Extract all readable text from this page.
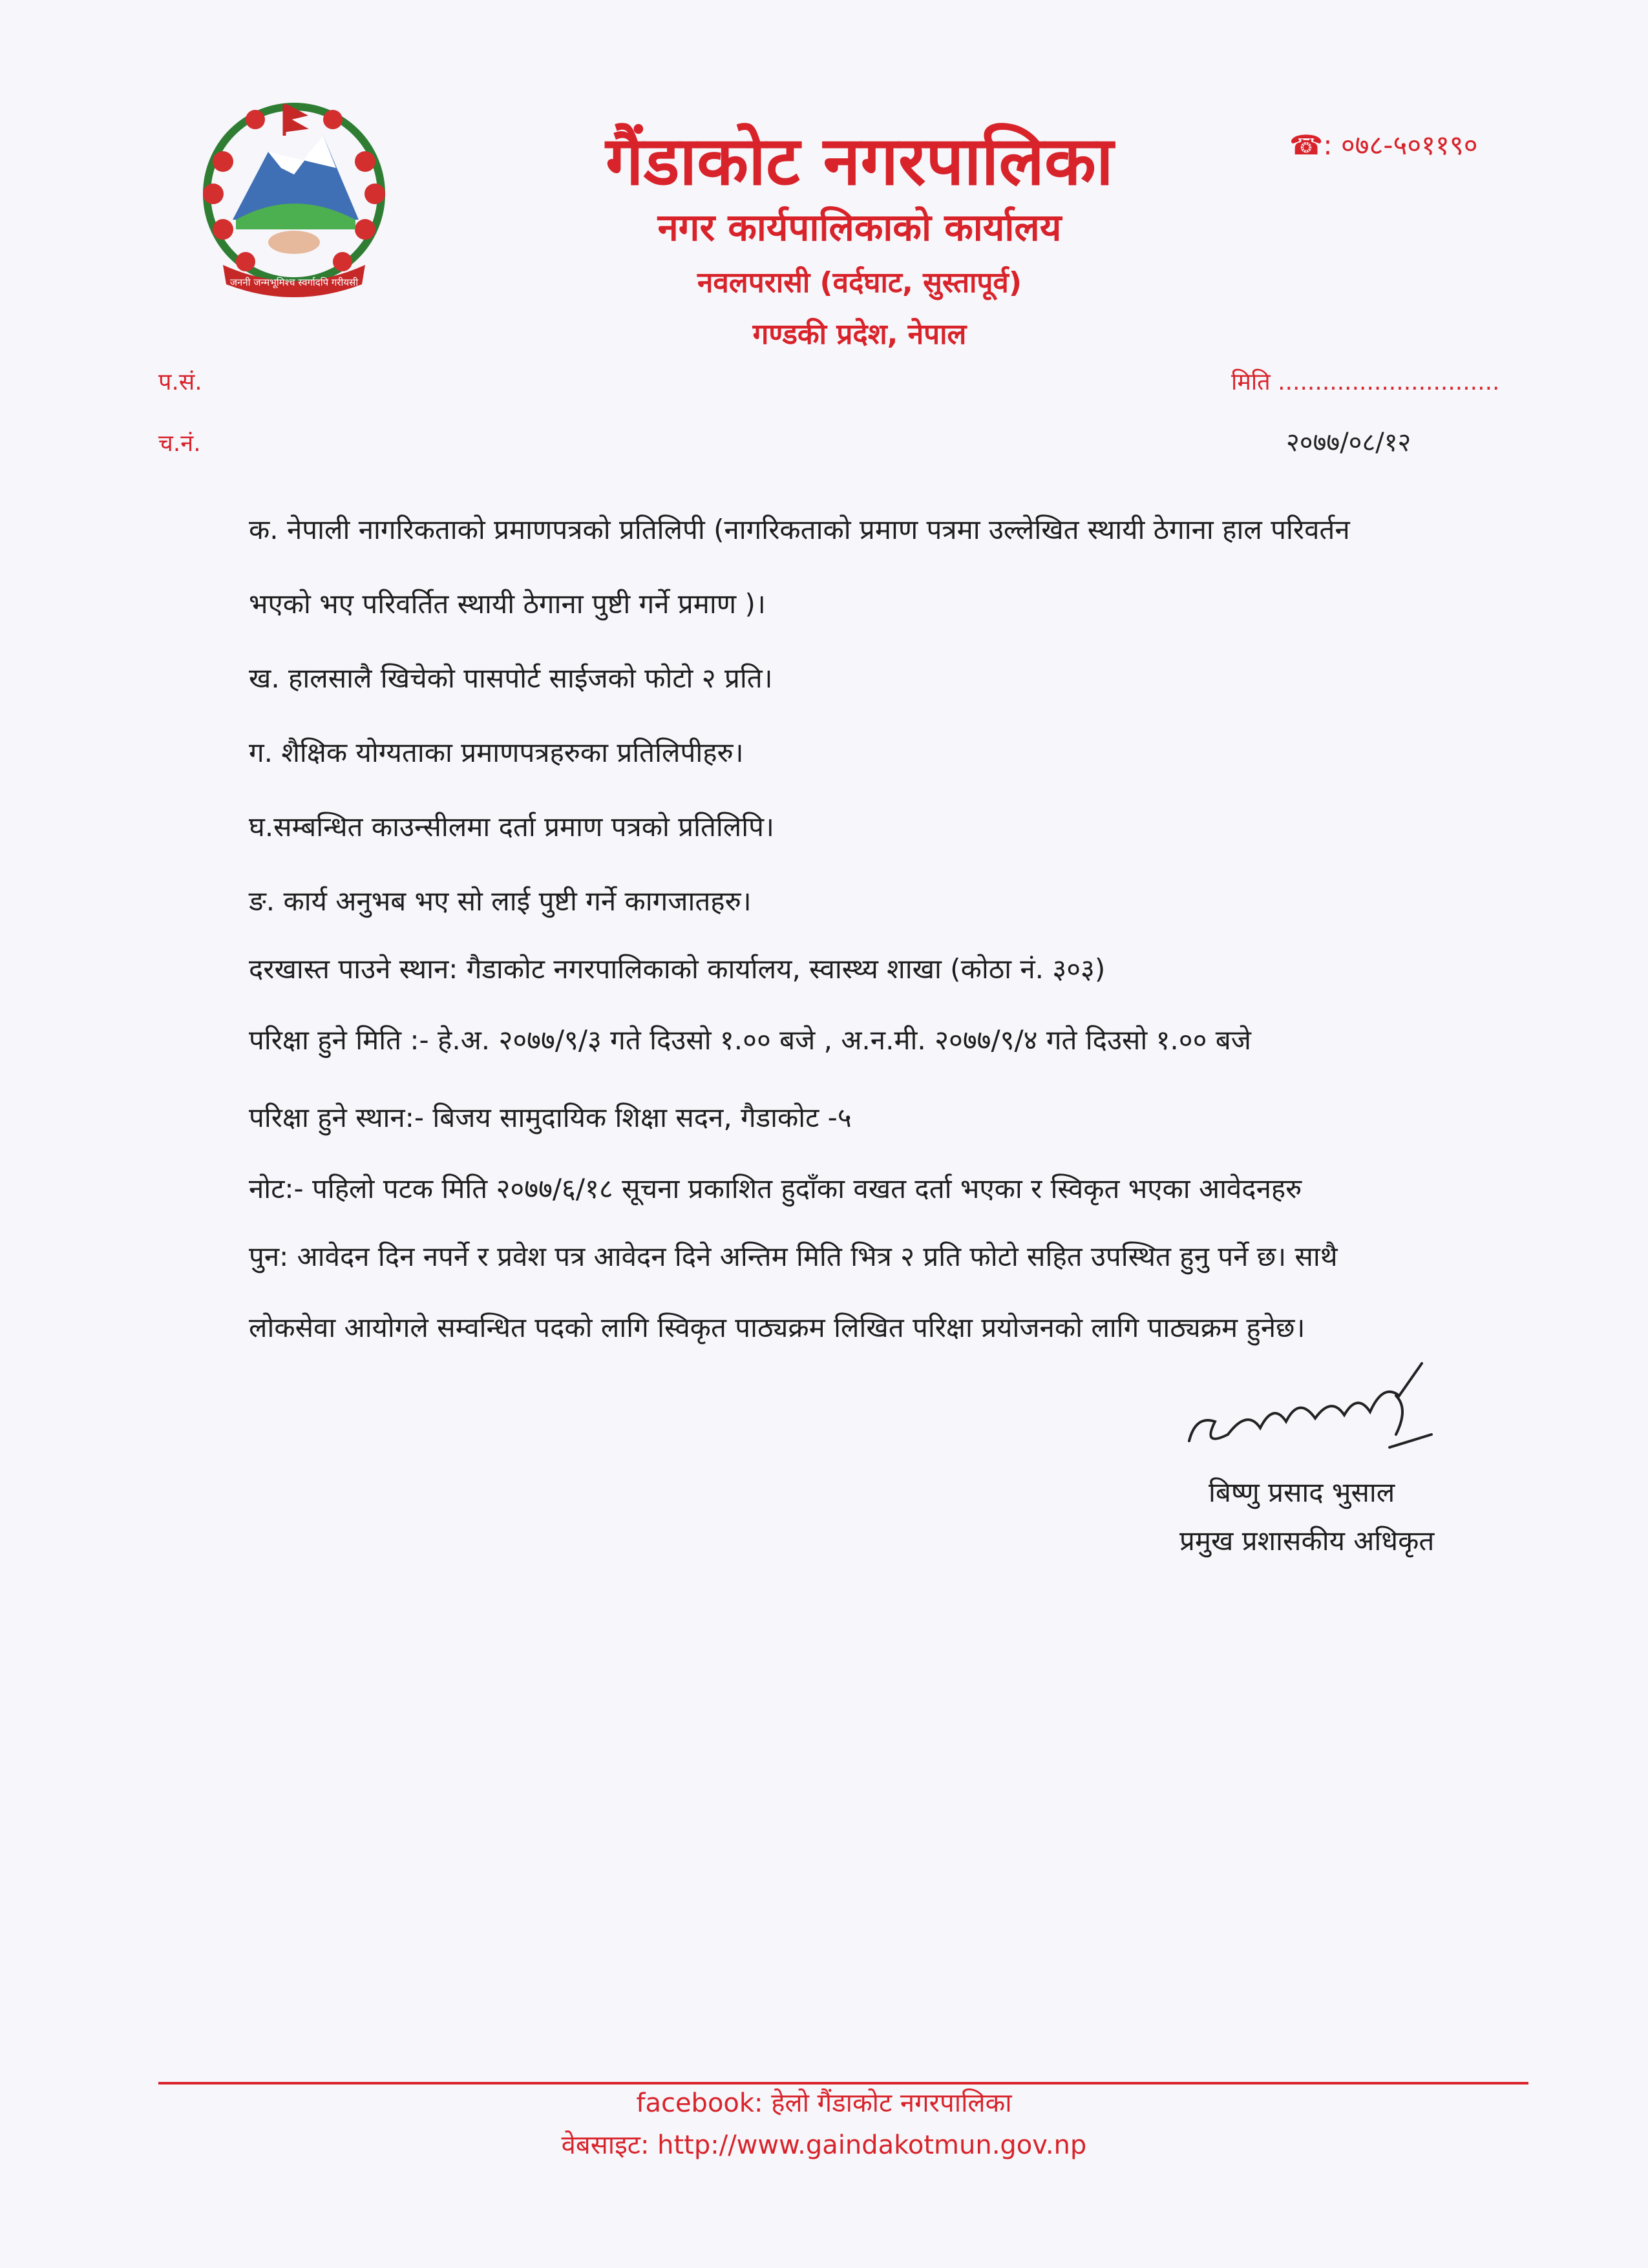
जननी जन्मभूमिश्च स्वर्गादपि गरीयसी
गैंडाकोट नगरपालिका
नगर कार्यपालिकाको कार्यालय
नवलपरासी (वर्दघाट, सुस्तापूर्व)
गण्डकी प्रदेश, नेपाल
☎: ०७८-५०११९०
प.सं.
च.नं.
मिति ..............................
२०७७/०८/१२
क. नेपाली नागरिकताको प्रमाणपत्रको प्रतिलिपी (नागरिकताको प्रमाण पत्रमा उल्लेखित स्थायी ठेगाना हाल परिवर्तन
भएको भए परिवर्तित स्थायी ठेगाना पुष्टी गर्ने प्रमाण )।
ख. हालसालै खिचेको पासपोर्ट साईजको फोटो २ प्रति।
ग. शैक्षिक योग्यताका प्रमाणपत्रहरुका प्रतिलिपीहरु।
घ.सम्बन्धित काउन्सीलमा दर्ता प्रमाण पत्रको प्रतिलिपि।
ङ. कार्य अनुभब भए सो लाई पुष्टी गर्ने कागजातहरु।
दरखास्त पाउने स्थान: गैडाकोट नगरपालिकाको कार्यालय, स्वास्थ्य शाखा (कोठा नं. ३०३)
परिक्षा हुने मिति :- हे.अ. २०७७/९/३ गते दिउसो १.०० बजे , अ.न.मी. २०७७/९/४ गते दिउसो १.०० बजे
परिक्षा हुने स्थान:- बिजय सामुदायिक शिक्षा सदन, गैडाकोट -५
नोट:- पहिलो पटक मिति २०७७/६/१८ सूचना प्रकाशित हुदाँका वखत दर्ता भएका र स्विकृत भएका आवेदनहरु
पुन: आवेदन दिन नपर्ने र प्रवेश पत्र आवेदन दिने अन्तिम मिति भित्र २ प्रति फोटो सहित उपस्थित हुनु पर्ने छ। साथै
लोकसेवा आयोगले सम्वन्धित पदको लागि स्विकृत पाठ्यक्रम लिखित परिक्षा प्रयोजनको लागि पाठ्यक्रम हुनेछ।
बिष्णु प्रसाद भुसाल
प्रमुख प्रशासकीय अधिकृत
facebook: हेलो गैंडाकोट नगरपालिका
वेबसाइट: http://www.gaindakotmun.gov.np
